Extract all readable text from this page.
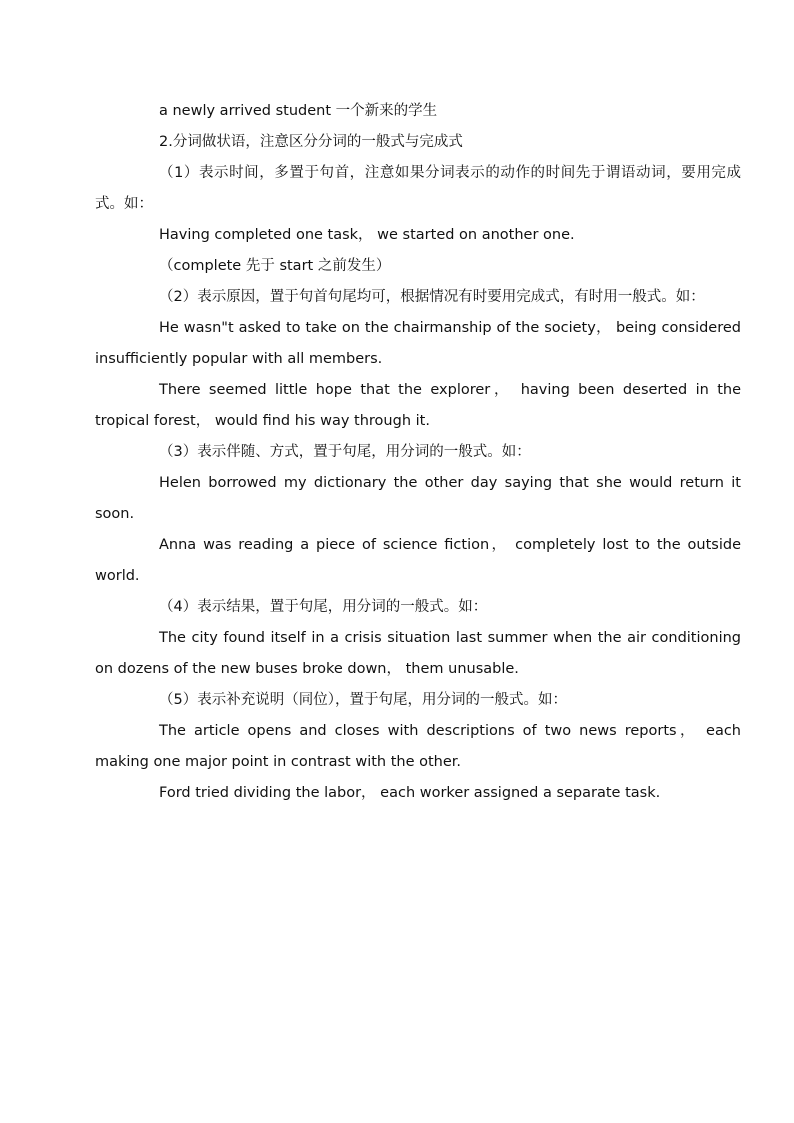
a newly arrived student 一个新来的学生

2.分词做状语，注意区分分词的一般式与完成式

（1）表示时间，多置于句首，注意如果分词表示的动作的时间先于谓语动词，要用完成式。如：

Having completed one task， we started on another one.

（complete 先于 start 之前发生）

（2）表示原因，置于句首句尾均可，根据情况有时要用完成式，有时用一般式。如：

He wasn"t asked to take on the chairmanship of the society， being considered insufficiently popular with all members.

There seemed little hope that the explorer， having been deserted in the tropical forest， would find his way through it.

（3）表示伴随、方式，置于句尾，用分词的一般式。如：

Helen borrowed my dictionary the other day saying that she would return it soon.

Anna was reading a piece of science fiction， completely lost to the outside world.

（4）表示结果，置于句尾，用分词的一般式。如：

The city found itself in a crisis situation last summer when the air conditioning on dozens of the new buses broke down， them unusable.

（5）表示补充说明（同位），置于句尾，用分词的一般式。如：

The article opens and closes with descriptions of two news reports， each making one major point in contrast with the other.

Ford tried dividing the labor， each worker assigned a separate task.
